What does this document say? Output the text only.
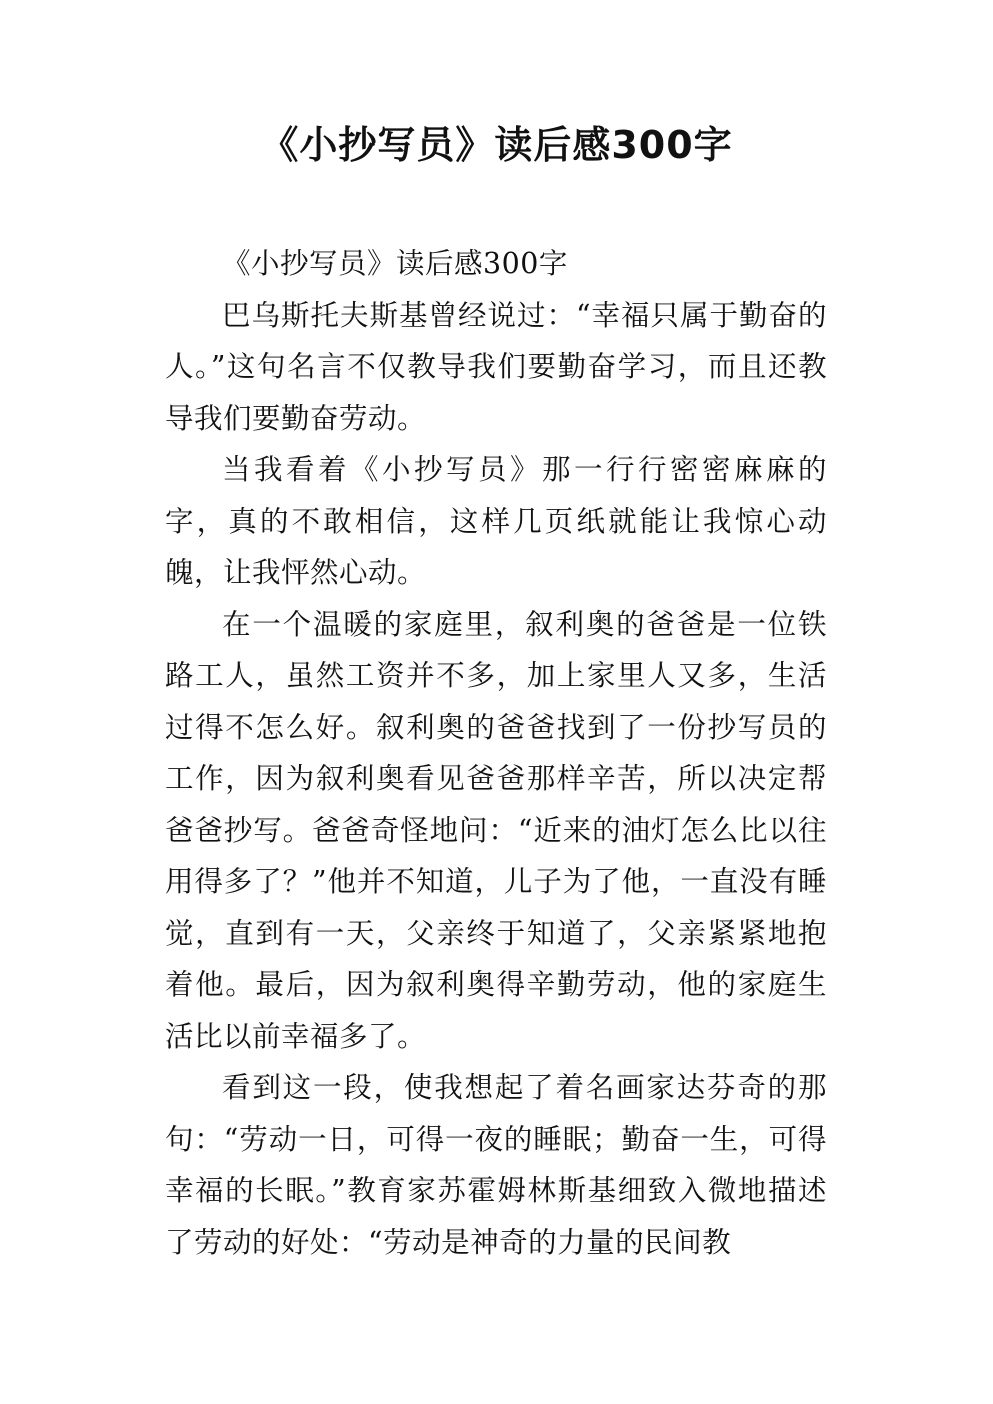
《小抄写员》读后感300字

《小抄写员》读后感300字

巴乌斯托夫斯基曾经说过：“幸福只属于勤奋的人。”这句名言不仅教导我们要勤奋学习，而且还教导我们要勤奋劳动。

当我看着《小抄写员》那一行行密密麻麻的字，真的不敢相信，这样几页纸就能让我惊心动魄，让我怦然心动。

在一个温暖的家庭里，叙利奥的爸爸是一位铁路工人，虽然工资并不多，加上家里人又多，生活过得不怎么好。叙利奥的爸爸找到了一份抄写员的工作，因为叙利奥看见爸爸那样辛苦，所以决定帮爸爸抄写。爸爸奇怪地问：“近来的油灯怎么比以往用得多了？”他并不知道，儿子为了他，一直没有睡觉，直到有一天，父亲终于知道了，父亲紧紧地抱着他。最后，因为叙利奥得辛勤劳动，他的家庭生活比以前幸福多了。

看到这一段，使我想起了着名画家达芬奇的那句：“劳动一日，可得一夜的睡眠；勤奋一生，可得幸福的长眠。”教育家苏霍姆林斯基细致入微地描述了劳动的好处：“劳动是神奇的力量的民间教
